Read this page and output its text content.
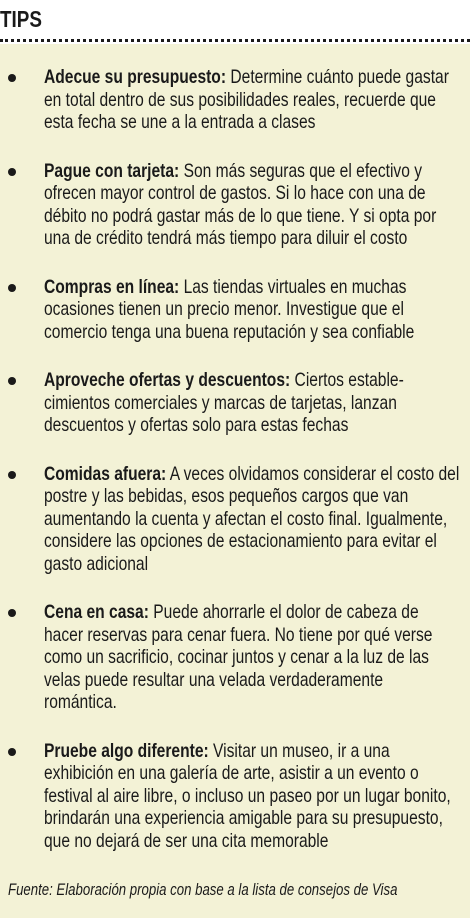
TIPS
Adecue su presupuesto: Determine cuánto puede gastar en total dentro de sus posibilidades reales, recuerde que esta fecha se une a la entrada a clases
Pague con tarjeta: Son más seguras que el efectivo y ofrecen mayor control de gastos. Si lo hace con una de débito no podrá gastar más de lo que tiene. Y si opta por una de crédito tendrá más tiempo para diluir el costo
Compras en línea: Las tiendas virtuales en muchas ocasiones tienen un precio menor. Investigue que el comercio tenga una buena reputación y sea confiable
Aproveche ofertas y descuentos: Ciertos estable-cimientos comerciales y marcas de tarjetas, lanzan descuentos y ofertas solo para estas fechas
Comidas afuera: A veces olvidamos considerar el costo del postre y las bebidas, esos pequeños cargos que van aumentando la cuenta y afectan el costo final. Igualmente, considere las opciones de estacionamiento para evitar el gasto adicional
Cena en casa: Puede ahorrarle el dolor de cabeza de hacer reservas para cenar fuera. No tiene por qué verse como un sacrificio, cocinar juntos y cenar a la luz de las velas puede resultar una velada verdaderamente romántica.
Pruebe algo diferente: Visitar un museo, ir a una exhibición en una galería de arte, asistir a un evento o festival al aire libre, o incluso un paseo por un lugar bonito, brindarán una experiencia amigable para su presupuesto, que no dejará de ser una cita memorable
Fuente: Elaboración propia con base a la lista de consejos de Visa
